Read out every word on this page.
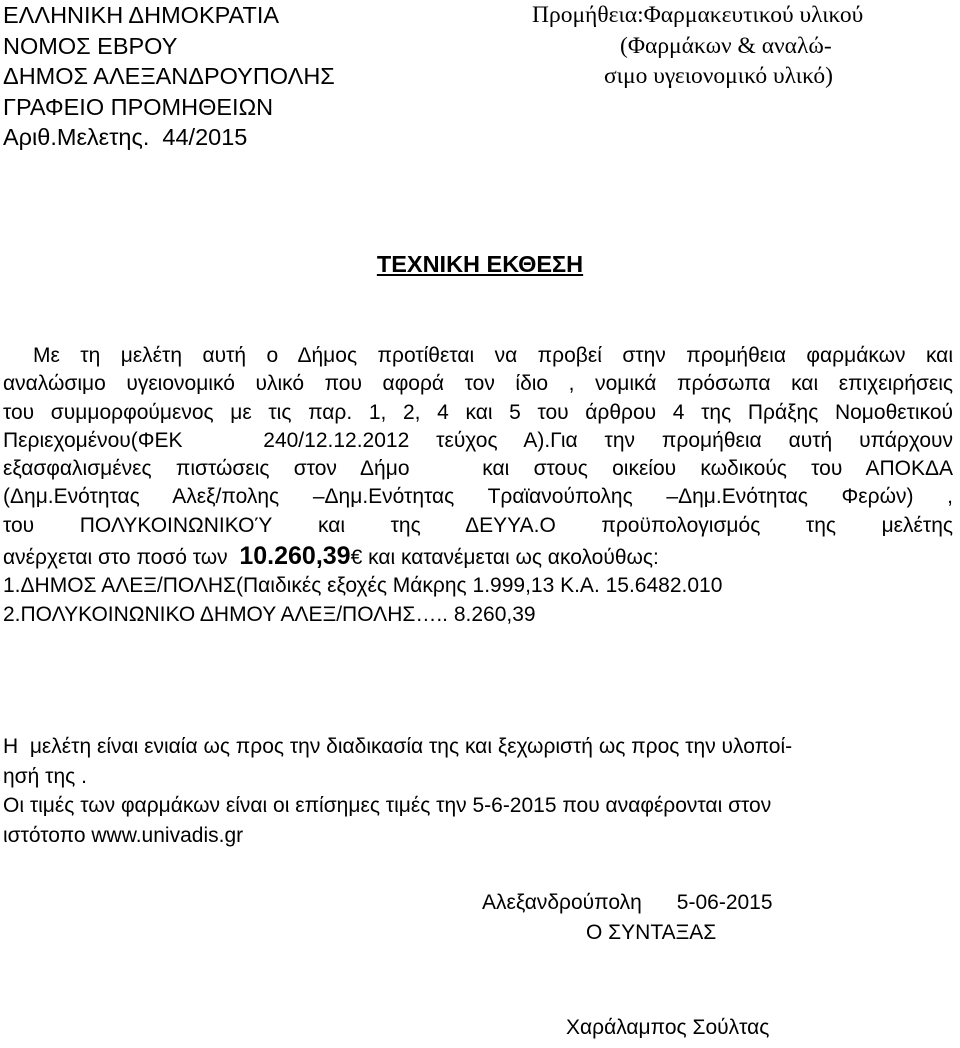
ΕΛΛΗΝΙΚΗ ΔΗΜΟΚΡΑΤΙΑ
ΝΟΜΟΣ ΕΒΡΟΥ
ΔΗΜΟΣ ΑΛΕΞΑΝΔΡΟΥΠΟΛΗΣ
ΓΡΑΦΕΙΟ ΠΡΟΜΗΘΕΙΩΝ
Αριθ.Μελετης.  44/2015
Προμήθεια:Φαρμακευτικού υλικού
(Φαρμάκων & αναλώ-
σιμο υγειονομικό υλικό)
ΤΕΧΝΙΚΗ ΕΚΘΕΣΗ
Με τη μελέτη αυτή ο Δήμος προτίθεται να προβεί στην προμήθεια φαρμάκων και
αναλώσιμο υγειονομικό υλικό που αφορά τον ίδιο , νομικά πρόσωπα και επιχειρήσεις
του συμμορφούμενος με τις παρ. 1, 2, 4 και 5 του άρθρου 4 της Πράξης Νομοθετικού
Περιεχομένου(ΦΕΚ   240/12.12.2012 τεύχος Α).Για την προμήθεια αυτή υπάρχουν
εξασφαλισμένες πιστώσεις στον Δήμο   και στους οικείου κωδικούς του ΑΠΟΚΔΑ
(Δημ.Ενότητας Αλεξ/πολης –Δημ.Ενότητας Τραϊανούπολης –Δημ.Ενότητας Φερών) ,
του ΠΟΛΥΚΟΙΝΩΝΙΚΟΎ και της ΔΕΥΥΑ.Ο προϋπολογισμός της μελέτης
ανέρχεται στο ποσό των  10.260,39€ και κατανέμεται ως ακολούθως:
1.ΔΗΜΟΣ ΑΛΕΞ/ΠΟΛΗΣ(Παιδικές εξοχές Μάκρης 1.999,13 Κ.Α. 15.6482.010
2.ΠΟΛΥΚΟΙΝΩΝΙΚΟ ΔΗΜΟΥ ΑΛΕΞ/ΠΟΛΗΣ….. 8.260,39
Η  μελέτη είναι ενιαία ως προς την διαδικασία της και ξεχωριστή ως προς την υλοποί-
ησή της .
Οι τιμές των φαρμάκων είναι οι επίσημες τιμές την 5-6-2015 που αναφέρονται στον
ιστότοπο www.univadis.gr
Αλεξανδρούπολη      5-06-2015
Ο ΣΥΝΤΑΞΑΣ
Χαράλαμπος Σούλτας
